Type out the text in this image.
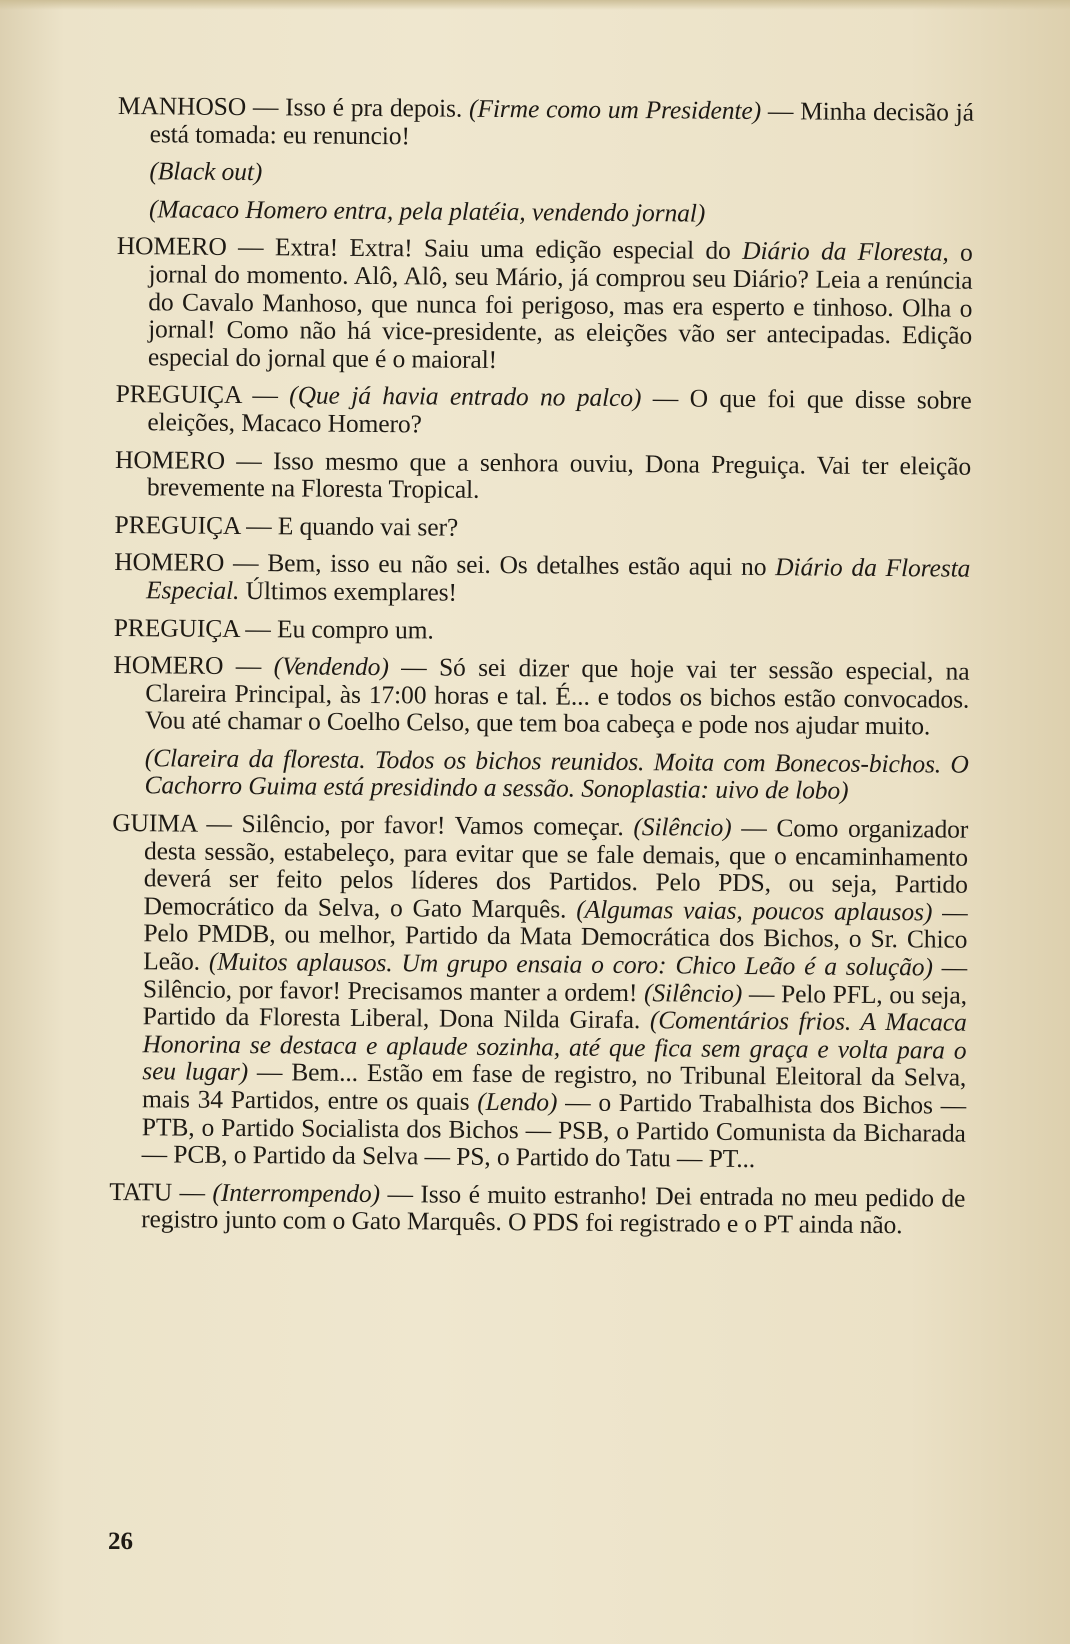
MANHOSO — Isso é pra depois. (Firme como um Presidente) — Minha decisão já está tomada: eu renuncio!

(Black out)

(Macaco Homero entra, pela platéia, vendendo jornal)

HOMERO — Extra! Extra! Saiu uma edição especial do Diário da Floresta, o jornal do momento. Alô, Alô, seu Mário, já comprou seu Diário? Leia a renúncia do Cavalo Manhoso, que nunca foi perigoso, mas era esperto e tinhoso. Olha o jornal! Como não há vice-presidente, as eleições vão ser antecipadas. Edição especial do jornal que é o maioral!

PREGUIÇA — (Que já havia entrado no palco) — O que foi que disse sobre eleições, Macaco Homero?

HOMERO — Isso mesmo que a senhora ouviu, Dona Preguiça. Vai ter eleição brevemente na Floresta Tropical.

PREGUIÇA — E quando vai ser?

HOMERO — Bem, isso eu não sei. Os detalhes estão aqui no Diário da Floresta Especial. Últimos exemplares!

PREGUIÇA — Eu compro um.

HOMERO — (Vendendo) — Só sei dizer que hoje vai ter sessão especial, na Clareira Principal, às 17:00 horas e tal. É... e todos os bichos estão convocados. Vou até chamar o Coelho Celso, que tem boa cabeça e pode nos ajudar muito.

(Clareira da floresta. Todos os bichos reunidos. Moita com Bonecos-bichos. O Cachorro Guima está presidindo a sessão. Sonoplastia: uivo de lobo)

GUIMA — Silêncio, por favor! Vamos começar. (Silêncio) — Como organizador desta sessão, estabeleço, para evitar que se fale demais, que o encaminhamento deverá ser feito pelos líderes dos Partidos. Pelo PDS, ou seja, Partido Democrático da Selva, o Gato Marquês. (Algumas vaias, poucos aplausos) — Pelo PMDB, ou melhor, Partido da Mata Democrática dos Bichos, o Sr. Chico Leão. (Muitos aplausos. Um grupo ensaia o coro: Chico Leão é a solução) — Silêncio, por favor! Precisamos manter a ordem! (Silêncio) — Pelo PFL, ou seja, Partido da Floresta Liberal, Dona Nilda Girafa. (Comentários frios. A Macaca Honorina se destaca e aplaude sozinha, até que fica sem graça e volta para o seu lugar) — Bem... Estão em fase de registro, no Tribunal Eleitoral da Selva, mais 34 Partidos, entre os quais (Lendo) — o Partido Trabalhista dos Bichos — PTB, o Partido Socialista dos Bichos — PSB, o Partido Comunista da Bicharada — PCB, o Partido da Selva — PS, o Partido do Tatu — PT...

TATU — (Interrompendo) — Isso é muito estranho! Dei entrada no meu pedido de registro junto com o Gato Marquês. O PDS foi registrado e o PT ainda não.

26
